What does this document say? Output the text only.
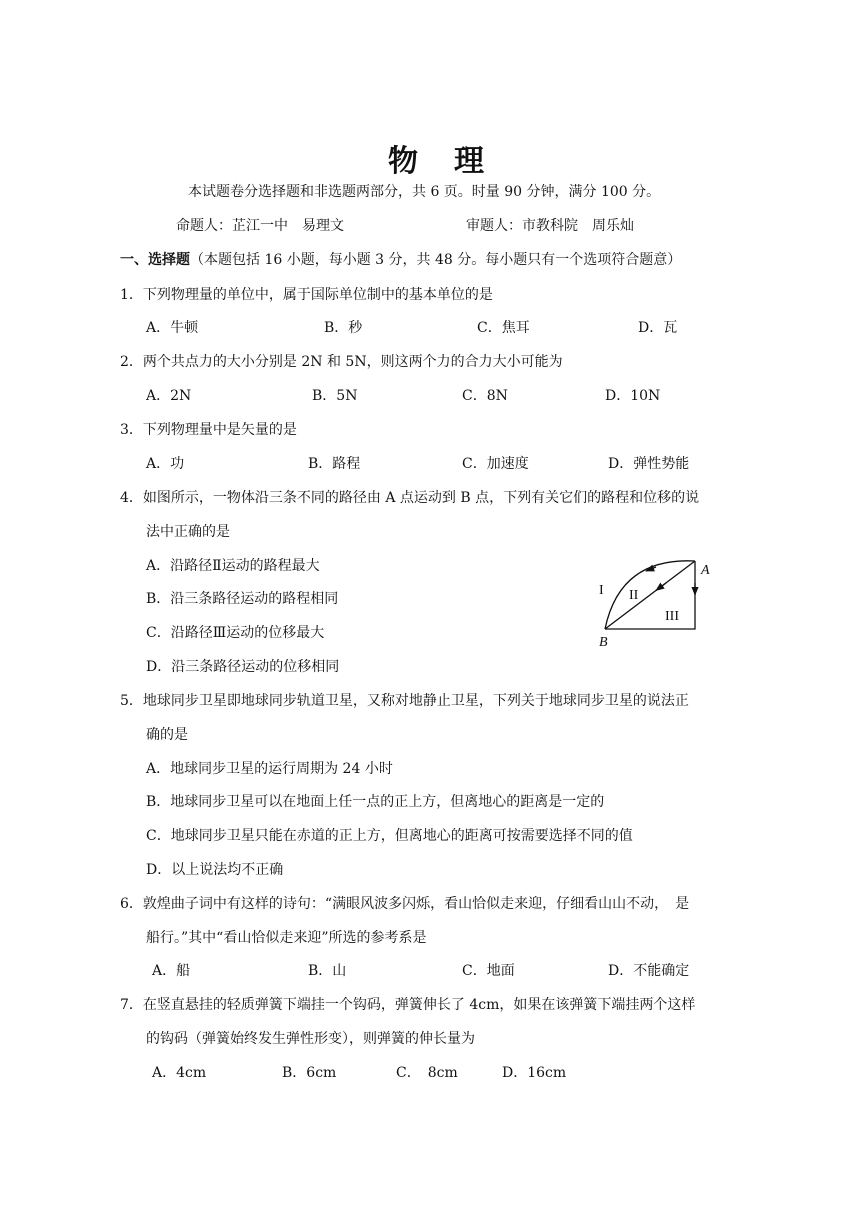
物 理
本试题卷分选择题和非选题两部分，共 6 页。时量 90 分钟，满分 100 分。
命题人：芷江一中　易理文	审题人：市教科院　周乐灿
一、选择题（本题包括 16 小题，每小题 3 分，共 48 分。每小题只有一个选项符合题意）
1．下列物理量的单位中，属于国际单位制中的基本单位的是
A．牛顿	B．秒	C．焦耳	D．瓦
2．两个共点力的大小分别是 2N 和 5N，则这两个力的合力大小可能为
A．2N	B．5N	C．8N	D．10N
3．下列物理量中是矢量的是
A．功	B．路程	C．加速度	D．弹性势能
4．如图所示，一物体沿三条不同的路径由 A 点运动到 B 点，下列有关它们的路程和位移的说
法中正确的是
A．沿路径Ⅱ运动的路程最大
B．沿三条路径运动的路程相同
C．沿路径Ⅲ运动的位移最大
D．沿三条路径运动的位移相同
A
B
I II
III
5．地球同步卫星即地球同步轨道卫星，又称对地静止卫星，下列关于地球同步卫星的说法正
确的是
A．地球同步卫星的运行周期为 24 小时
B．地球同步卫星可以在地面上任一点的正上方，但离地心的距离是一定的
C．地球同步卫星只能在赤道的正上方，但离地心的距离可按需要选择不同的值
D．以上说法均不正确
6．敦煌曲子词中有这样的诗句：“满眼风波多闪烁，看山恰似走来迎，仔细看山山不动，　是
船行。”其中“看山恰似走来迎”所选的参考系是
A．船	B．山	C．地面	D．不能确定
7．在竖直悬挂的轻质弹簧下端挂一个钩码，弹簧伸长了 4cm，如果在该弹簧下端挂两个这样
的钩码（弹簧始终发生弹性形变），则弹簧的伸长量为
A．4cm	B．6cm	C．　8cm	D．16cm
